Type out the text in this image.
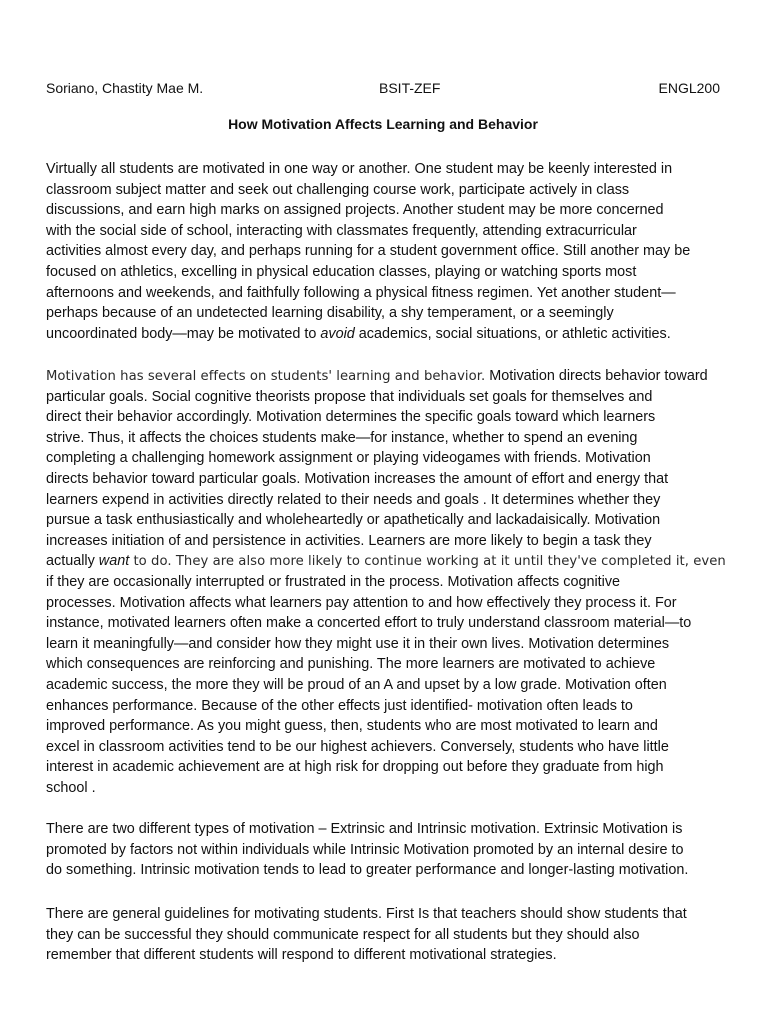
Soriano, Chastity Mae M.	BSIT-ZEF	ENGL200
How Motivation Affects Learning and Behavior
Virtually all students are motivated in one way or another. One student may be keenly interested in
classroom subject matter and seek out challenging course work, participate actively in class
discussions, and earn high marks on assigned projects. Another student may be more concerned
with the social side of school, interacting with classmates frequently, attending extracurricular
activities almost every day, and perhaps running for a student government office. Still another may be
focused on athletics, excelling in physical education classes, playing or watching sports most
afternoons and weekends, and faithfully following a physical fitness regimen. Yet another student—
perhaps because of an undetected learning disability, a shy temperament, or a seemingly
uncoordinated body—may be motivated to avoid academics, social situations, or athletic activities.
Motivation has several effects on students' learning and behavior. Motivation directs behavior toward
particular goals. Social cognitive theorists propose that individuals set goals for themselves and
direct their behavior accordingly. Motivation determines the specific goals toward which learners
strive. Thus, it affects the choices students make—for instance, whether to spend an evening
completing a challenging homework assignment or playing videogames with friends. Motivation
directs behavior toward particular goals. Motivation increases the amount of effort and energy that
learners expend in activities directly related to their needs and goals . It determines whether they
pursue a task enthusiastically and wholeheartedly or apathetically and lackadaisically. Motivation
increases initiation of and persistence in activities. Learners are more likely to begin a task they
actually want to do. They are also more likely to continue working at it until they've completed it, even
if they are occasionally interrupted or frustrated in the process. Motivation affects cognitive
processes. Motivation affects what learners pay attention to and how effectively they process it. For
instance, motivated learners often make a concerted effort to truly understand classroom material—to
learn it meaningfully—and consider how they might use it in their own lives. Motivation determines
which consequences are reinforcing and punishing. The more learners are motivated to achieve
academic success, the more they will be proud of an A and upset by a low grade. Motivation often
enhances performance. Because of the other effects just identified- motivation often leads to
improved performance. As you might guess, then, students who are most motivated to learn and
excel in classroom activities tend to be our highest achievers. Conversely, students who have little
interest in academic achievement are at high risk for dropping out before they graduate from high
school .
There are two different types of motivation – Extrinsic and Intrinsic motivation. Extrinsic Motivation is
promoted by factors not within individuals while Intrinsic Motivation promoted by an internal desire to
do something. Intrinsic motivation tends to lead to greater performance and longer-lasting motivation.
There are general guidelines for motivating students. First Is that teachers should show students that
they can be successful they should communicate respect for all students but they should also
remember that different students will respond to different motivational strategies.
